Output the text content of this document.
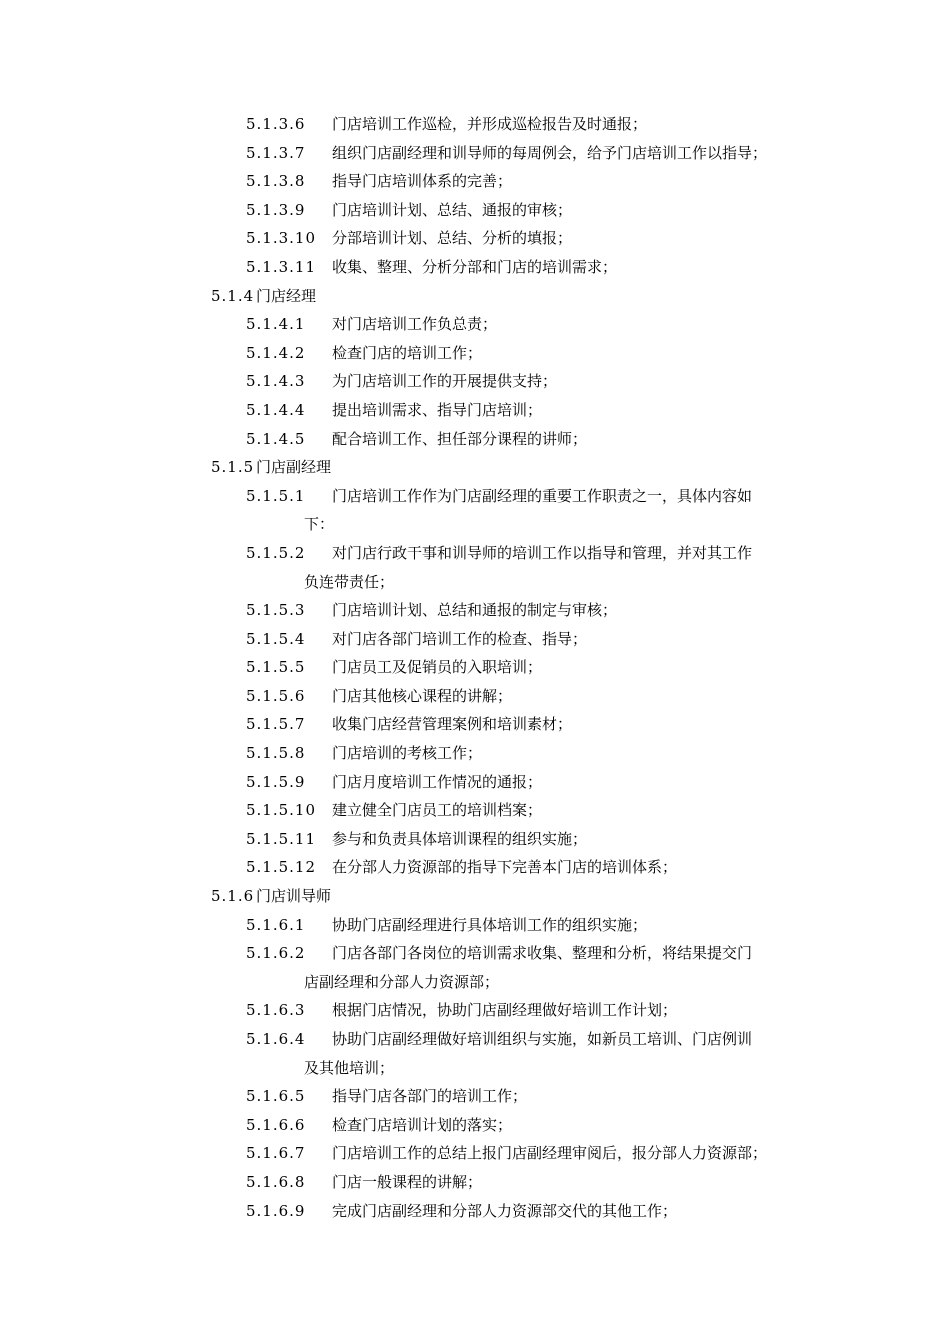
5.1.3.6 门店培训工作巡检，并形成巡检报告及时通报；
5.1.3.7 组织门店副经理和训导师的每周例会，给予门店培训工作以指导；
5.1.3.8 指导门店培训体系的完善；
5.1.3.9 门店培训计划、总结、通报的审核；
5.1.3.10 分部培训计划、总结、分析的填报；
5.1.3.11 收集、整理、分析分部和门店的培训需求；
5.1.4 门店经理
5.1.4.1 对门店培训工作负总责；
5.1.4.2 检查门店的培训工作；
5.1.4.3 为门店培训工作的开展提供支持；
5.1.4.4 提出培训需求、指导门店培训；
5.1.4.5 配合培训工作、担任部分课程的讲师；
5.1.5 门店副经理
5.1.5.1 门店培训工作作为门店副经理的重要工作职责之一，具体内容如
下：
5.1.5.2 对门店行政干事和训导师的培训工作以指导和管理，并对其工作
负连带责任；
5.1.5.3 门店培训计划、总结和通报的制定与审核；
5.1.5.4 对门店各部门培训工作的检查、指导；
5.1.5.5 门店员工及促销员的入职培训；
5.1.5.6 门店其他核心课程的讲解；
5.1.5.7 收集门店经营管理案例和培训素材；
5.1.5.8 门店培训的考核工作；
5.1.5.9 门店月度培训工作情况的通报；
5.1.5.10 建立健全门店员工的培训档案；
5.1.5.11 参与和负责具体培训课程的组织实施；
5.1.5.12 在分部人力资源部的指导下完善本门店的培训体系；
5.1.6 门店训导师
5.1.6.1 协助门店副经理进行具体培训工作的组织实施；
5.1.6.2 门店各部门各岗位的培训需求收集、整理和分析，将结果提交门
店副经理和分部人力资源部；
5.1.6.3 根据门店情况，协助门店副经理做好培训工作计划；
5.1.6.4 协助门店副经理做好培训组织与实施，如新员工培训、门店例训
及其他培训；
5.1.6.5 指导门店各部门的培训工作；
5.1.6.6 检查门店培训计划的落实；
5.1.6.7 门店培训工作的总结上报门店副经理审阅后，报分部人力资源部；
5.1.6.8 门店一般课程的讲解；
5.1.6.9 完成门店副经理和分部人力资源部交代的其他工作；
